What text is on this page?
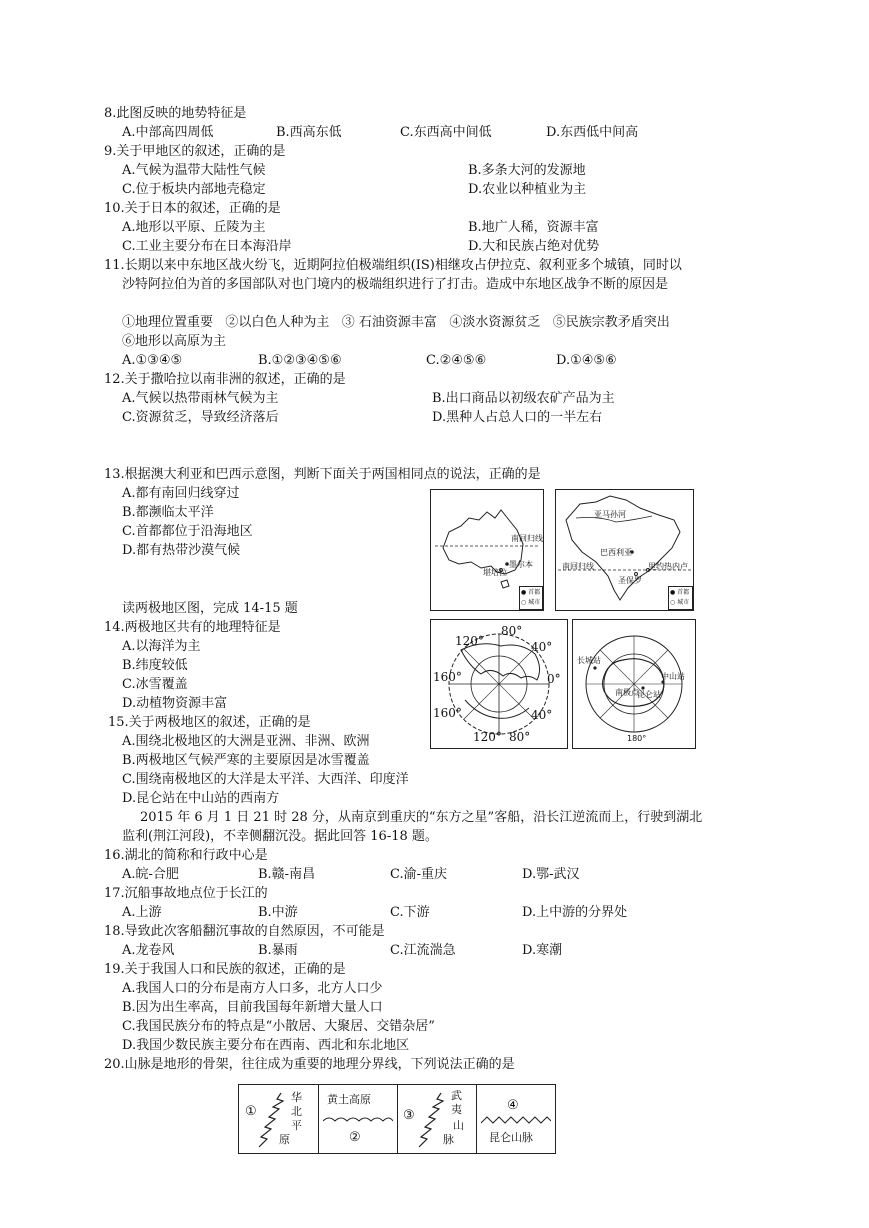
8.此图反映的地势特征是
A.中部高四周低	B.西高东低	C.东西高中间低	D.东西低中间高
9.关于甲地区的叙述，正确的是
A.气候为温带大陆性气候	B.多条大河的发源地
C.位于板块内部地壳稳定	D.农业以种植业为主
10.关于日本的叙述，正确的是
A.地形以平原、丘陵为主	B.地广人稀，资源丰富
C.工业主要分布在日本海沿岸	D.大和民族占绝对优势
11.长期以来中东地区战火纷飞，近期阿拉伯极端组织(IS)相继攻占伊拉克、叙利亚多个城镇，同时以
沙特阿拉伯为首的多国部队对也门境内的极端组织进行了打击。造成中东地区战争不断的原因是
①地理位置重要   ②以白色人种为主   ③ 石油资源丰富   ④淡水资源贫乏   ⑤民族宗教矛盾突出
⑥地形以高原为主
A.①③④⑤	B.①②③④⑤⑥	C.②④⑤⑥	D.①④⑤⑥
12.关于撒哈拉以南非洲的叙述，正确的是
A.气候以热带雨林气候为主	B.出口商品以初级农矿产品为主
C.资源贫乏，导致经济落后	D.黑种人占总人口的一半左右
13.根据澳大利亚和巴西示意图，判断下面关于两国相同点的说法，正确的是
A.都有南回归线穿过
B.都濒临太平洋
C.首都都位于沿海地区
D.都有热带沙漠气候
南回归线
墨尔本
堪培拉
● 首都
○ 城市
亚马孙河
巴西利亚
南回归线	里约热内卢
圣保罗
● 首都
○ 城市
读两极地区图，完成 14-15 题
14.两极地区共有的地理特征是
A.以海洋为主
B.纬度较低
C.冰雪覆盖
D.动植物资源丰富
120°
80°
40°
160°	0°
160°	40°
120° 80°
长城站
中山站
昆仑站
南极点
180°
15.关于两极地区的叙述，正确的是
A.围绕北极地区的大洲是亚洲、非洲、欧洲
B.两极地区气候严寒的主要原因是冰雪覆盖
C.围绕南极地区的大洋是太平洋、大西洋、印度洋
D.昆仑站在中山站的西南方
2015 年 6 月 1 日 21 时 28 分，从南京到重庆的“东方之星”客船，沿长江逆流而上，行驶到湖北
监利(荆江河段)，不幸侧翻沉没。据此回答 16-18 题。
16.湖北的简称和行政中心是
A.皖-合肥	B.赣-南昌	C.渝-重庆	D.鄂-武汉
17.沉船事故地点位于长江的
A.上游	B.中游	C.下游	D.上中游的分界处
18.导致此次客船翻沉事故的自然原因，不可能是
A.龙卷风	B.暴雨	C.江流湍急	D.寒潮
19.关于我国人口和民族的叙述，正确的是
A.我国人口的分布是南方人口多，北方人口少
B.因为出生率高，目前我国每年新增大量人口
C.我国民族分布的特点是“小散居、大聚居、交错杂居”
D.我国少数民族主要分布在西南、西北和东北地区
20.山脉是地形的骨架，往往成为重要的地理分界线，下列说法正确的是
①
华
北
平
原
黄土高原
②
③
武
夷
山
脉
④
昆仑山脉
